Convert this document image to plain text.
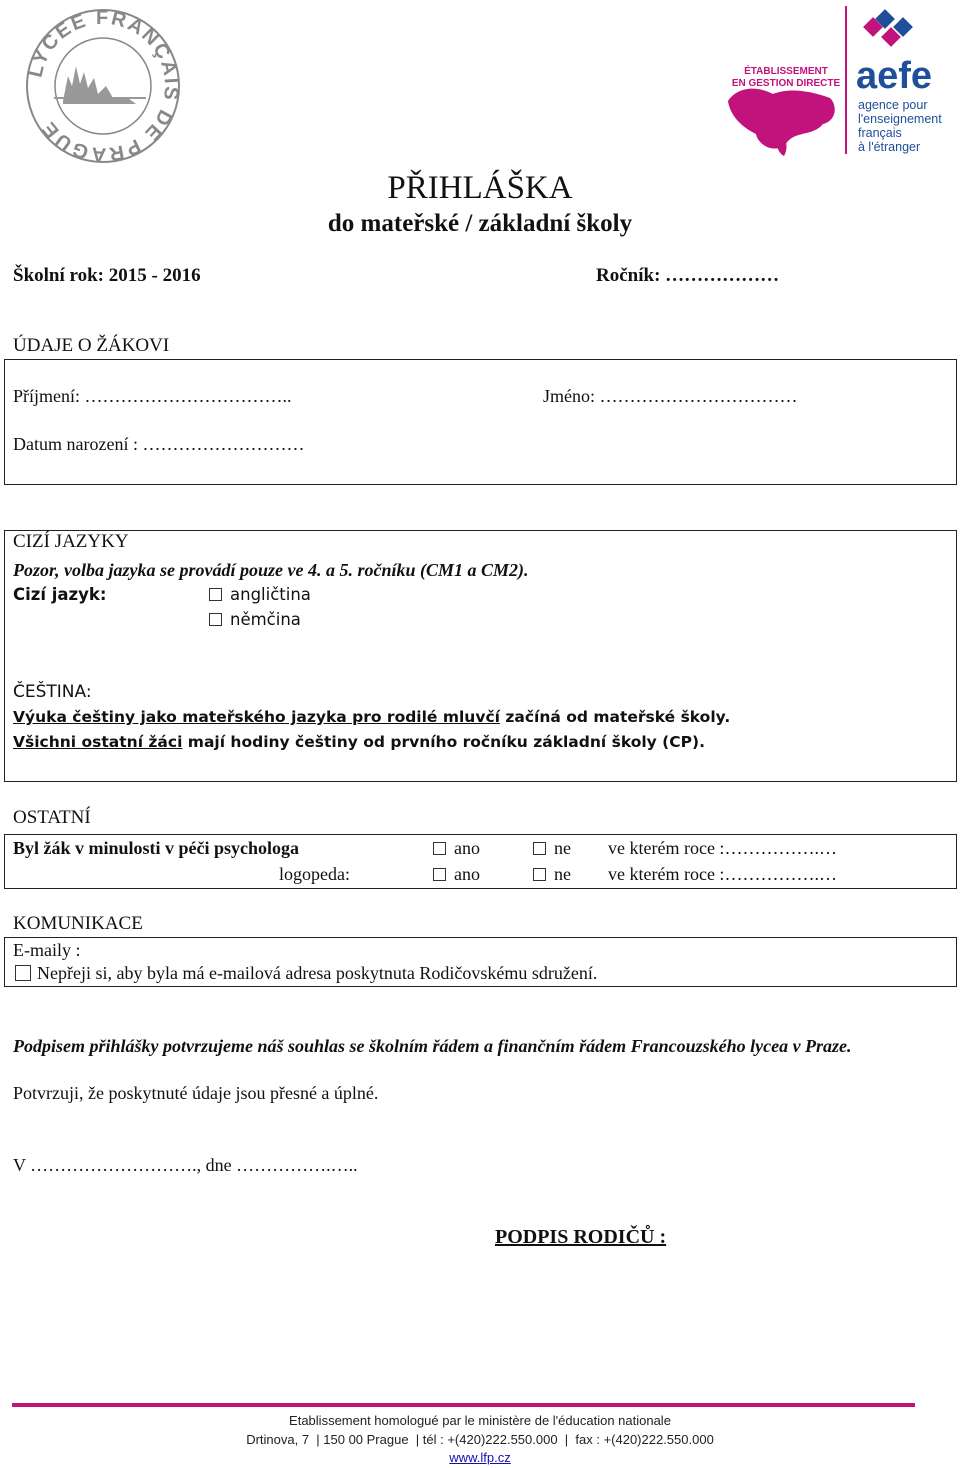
LYCEE FRANÇAIS DE PRAGUE
ÉTABLISSEMENT
EN GESTION DIRECTE aefe
agence pour
l'enseignement
français
à l'étranger
PŘIHLÁŠKA
do mateřské / základní školy
Školní rok: 2015 - 2016	Ročník: ………………
ÚDAJE O ŽÁKOVI
Příjmení: ……………………………..	Jméno: ……………………………
Datum narození : ………………………
CIZÍ JAZYKY
Pozor, volba jazyka se provádí pouze ve 4. a 5. ročníku (CM1 a CM2).
Cizí jazyk:	angličtina
němčina
ČEŠTINA:
Výuka češtiny jako mateřského jazyka pro rodilé mluvčí začíná od mateřské školy.
Všichni ostatní žáci mají hodiny češtiny od prvního ročníku základní školy (CP).
OSTATNÍ
Byl žák v minulosti v péči psychologa	ano	ne ve kterém roce :…………….…
logopeda:	ano	ne ve kterém roce :…………….…
KOMUNIKACE
E-maily :
Nepřeji si, aby byla má e-mailová adresa poskytnuta Rodičovskému sdružení.
Podpisem přihlášky potvrzujeme náš souhlas se školním řádem a finančním řádem Francouzského lycea v Praze.
Potvrzuji, že poskytnuté údaje jsou přesné a úplné.
V ………………………., dne …………….…..
PODPIS RODIČŮ :
Etablissement homologué par le ministère de l'éducation nationale
Drtinova, 7  | 150 00 Prague  | tél : +(420)222.550.000  |  fax : +(420)222.550.000
www.lfp.cz
